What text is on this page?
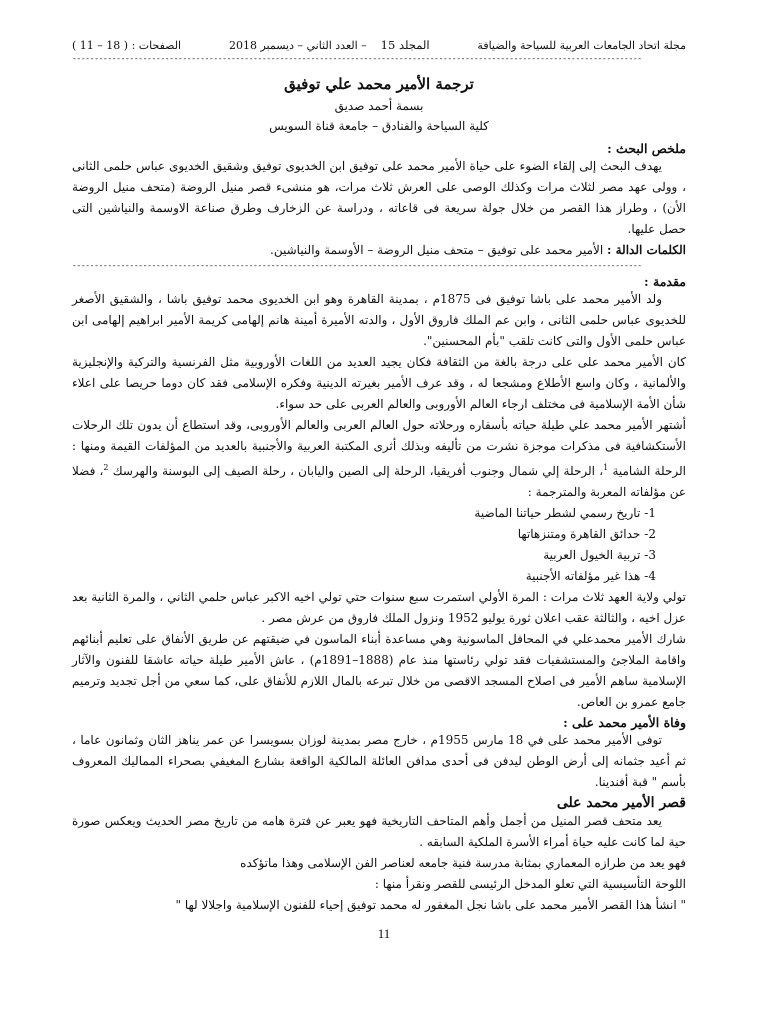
مجلة اتحاد الجامعات العربية للسياحة والضيافة
المجلد 15
– العدد الثاني – ديسمبر 2018
الصفحات : ( 11 – 18 )
---------------------------------------------------------------------------------------------------------------------------------
ترجمة الأمير محمد علي توفيق
بسمة أحمد صديق
كلية السياحة والفنادق – جامعة قناة السويس
ملخص البحث :

يهدف البحث إلى إلقاء الضوء على حياة الأمير محمد على توفيق ابن الخديوى توفيق وشقيق الخديوى عباس حلمى الثانى ، وولى عهد مصر لثلاث مرات وكذلك الوصى على العرش ثلاث مرات، هو منشىء قصر منيل الروضة (متحف منيل الروضة الأن) ، وطراز هذا القصر من خلال جولة سريعة فى قاعاته ، ودراسة عن الزخارف وطرق صناعة الاوسمة والنياشين التى حصل عليها.

الكلمات الدالة : الأمير محمد على توفيق – متحف منيل الروضة – الأوسمة والنياشين.
---------------------------------------------------------------------------------------------------------------------------------
مقدمة :

ولد الأمير محمد على باشا توفيق فى 1875م ، بمدينة القاهرة وهو ابن الخديوى محمد توفيق باشا ، والشقيق الأصغر للخديوى عباس حلمى الثانى ، وابن عم الملك فاروق الأول ، والدته الأميرة أمينة هانم إلهامى كريمة الأمير ابراهيم إلهامى ابن عباس حلمى الأول والتى كانت تلقب "بأم المحسنين".

كان الأمير محمد على على درجة بالغة من الثقافة فكان يجيد العديد من اللغات الأوروبية مثل الفرنسية والتركية والإنجليزية والألمانية ، وكان واسع الأطلاع ومشجعا له ، وقد عرف الأمير بغيرته الدينية وفكره الإسلامى فقد كان دوما حريصا على اعلاء شأن الأمة الإسلامية فى مختلف ارجاء العالم الأوروبى والعالم العربى على حد سواء.

أشتهر الأمير محمد علي طيلة حياته بأسفاره ورحلاته حول العالم العربى والعالم الأوروبى، وقد استطاع أن يدون تلك الرحلات الأستكشافية فى مذكرات موجزة نشرت من تأليفه وبذلك أثرى المكتبة العربية والأجنبية بالعديد من المؤلفات القيمة ومنها : الرحلة الشامية $^1$، الرحلة إلي شمال وجنوب أفريقيا، الرحلة إلى الصين واليابان ، رحلة الصيف إلى البوسنة والهرسك $^2$، فضلا عن مؤلفاته المعربة والمترجمة :

1-
تاريخ رسمي لشطر حياتنا الماضية
2-
حدائق القاهرة ومتنزهاتها
3-
تربية الخيول العربية
4-
هذا غير مؤلفاته الأجنبية

تولي ولاية العهد ثلاث مرات : المرة الأولي استمرت سبع سنوات حتي تولي اخيه الاكبر عباس حلمي الثاني ، والمرة الثانية بعد عزل اخيه ، والثالثة عقب اعلان ثورة يوليو 1952 ونزول الملك فاروق من عرش مصر .

شارك الأمير محمدعلي في المحافل الماسونية وهي مساعدة أبناء الماسون في ضيقتهم عن طريق الأنفاق على تعليم أبنائهم واقامة الملاجئ والمستشفيات فقد تولي رئاستها منذ عام (1888–1891م) ، عاش الأمير طيلة حياته عاشقا للفنون والآثار الإسلامية ساهم الأمير فى اصلاح المسجد الاقصى من خلال تبرعه بالمال اللازم للأنفاق على، كما سعي من أجل تجديد وترميم جامع عمرو بن العاص.

وفاة الأمير محمد على :

توفى الأمير محمد على في 18 مارس 1955م ، خارج مصر بمدينة لوزان بسويسرا عن عمر يناهز الثان وثمانون عاما ، ثم أعيد جثمانه إلى أرض الوطن ليدفن فى أحدى مدافن العائلة المالكية الواقعة بشارع المغيفي بصحراء المماليك المعروف بأسم " قبة أفندينا.

قصر الأمير محمد على

يعد متحف قصر المنيل من أجمل وأهم المتاحف التاريخية فهو يعبر عن فترة هامه من تاريخ مصر الحديث ويعكس صورة حية لما كانت عليه حياة أمراء الأسرة الملكية السابقه .

فهو يعد من طرازه المعماري بمثابة مدرسة فنية جامعه لعناصر الفن الإسلامى وهذا ماتؤكده

اللوحة التأسيسية التي تعلو المدخل الرئيسى للقصر ونقرأ منها :

" انشأ هذا القصر الأمير محمد على باشا نجل المغفور له محمد توفيق إحياء للفنون الإسلامية واجلالا لها "

11
